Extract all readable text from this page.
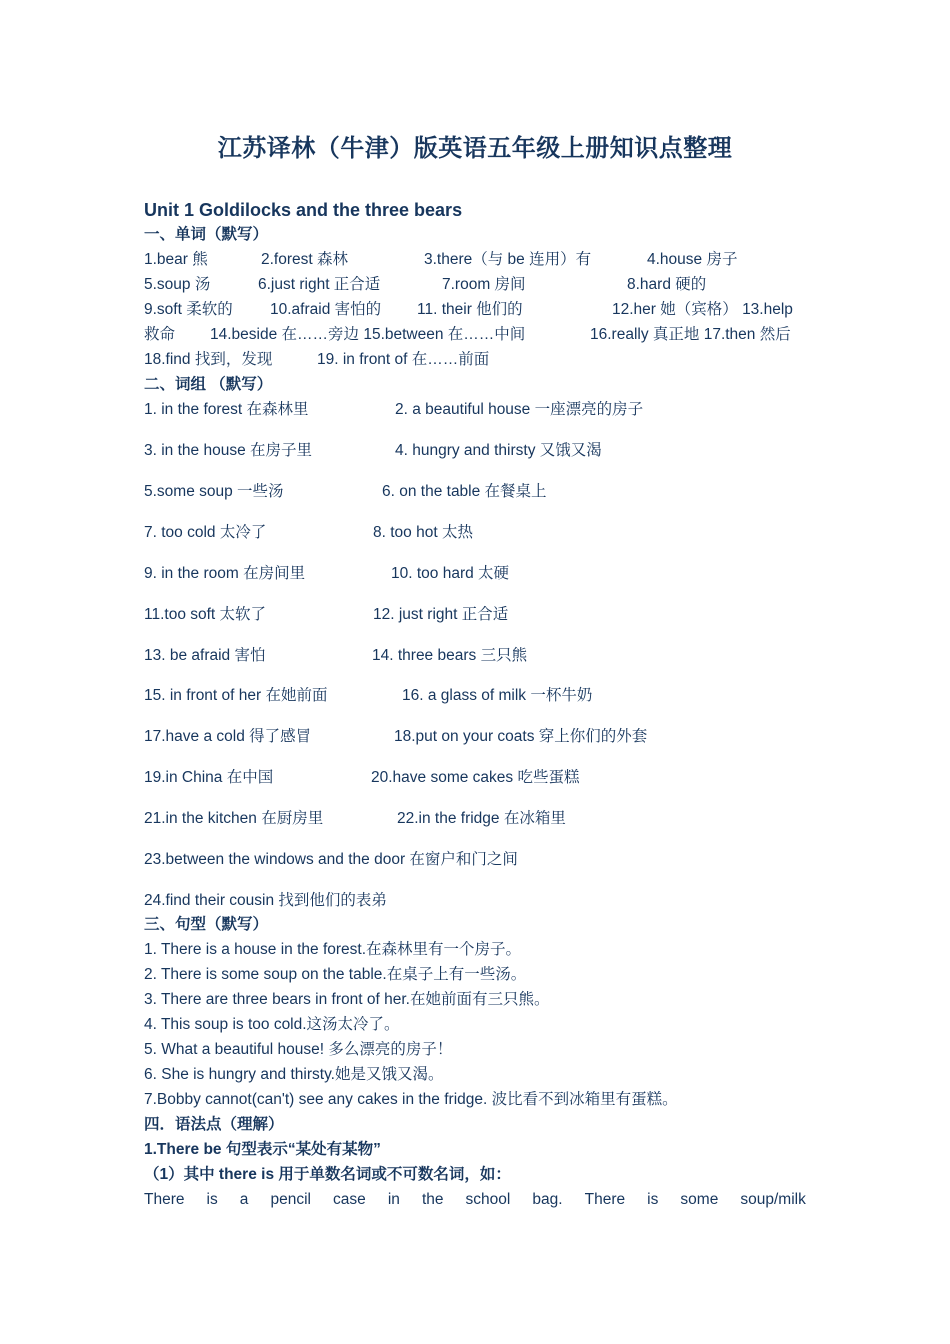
江苏译林（牛津）版英语五年级上册知识点整理
Unit 1 Goldilocks and the three bears
一、单词（默写）
1.bear 熊	2.forest 森林	3.there（与 be 连用）有	4.house 房子
5.soup 汤	6.just right 正合适	7.room 房间	8.hard 硬的
9.soft 柔软的 10.afraid 害怕的 11. their 他们的	12.her 她（宾格） 13.help
救命 14.beside 在……旁边 15.between 在……中间	16.really 真正地 17.then 然后
18.find 找到，发现	19. in front of 在……前面
二、词组 （默写）
1. in the forest 在森林里	2. a beautiful house 一座漂亮的房子
3. in the house 在房子里	4. hungry and thirsty 又饿又渴
5.some soup 一些汤	6. on the table 在餐桌上
7. too cold 太冷了	8. too hot 太热
9. in the room 在房间里	10. too hard 太硬
11.too soft 太软了	12. just right 正合适
13. be afraid 害怕	14. three bears 三只熊
15. in front of her 在她前面	16. a glass of milk 一杯牛奶
17.have a cold 得了感冒	18.put on your coats 穿上你们的外套
19.in China 在中国	20.have some cakes 吃些蛋糕
21.in the kitchen 在厨房里	22.in the fridge 在冰箱里
23.between the windows and the door 在窗户和门之间
24.find their cousin 找到他们的表弟
三、句型（默写）
1. There is a house in the forest.在森林里有一个房子。
2. There is some soup on the table.在桌子上有一些汤。
3. There are three bears in front of her.在她前面有三只熊。
4. This soup is too cold.这汤太冷了。
5. What a beautiful house! 多么漂亮的房子！
6. She is hungry and thirsty.她是又饿又渴。
7.Bobby cannot(can't) see any cakes in the fridge. 波比看不到冰箱里有蛋糕。
四．语法点（理解）
1.There be 句型表示“某处有某物”
（1）其中 there is 用于单数名词或不可数名词，如：
There is a pencil case in the school bag. There is some soup/milk
